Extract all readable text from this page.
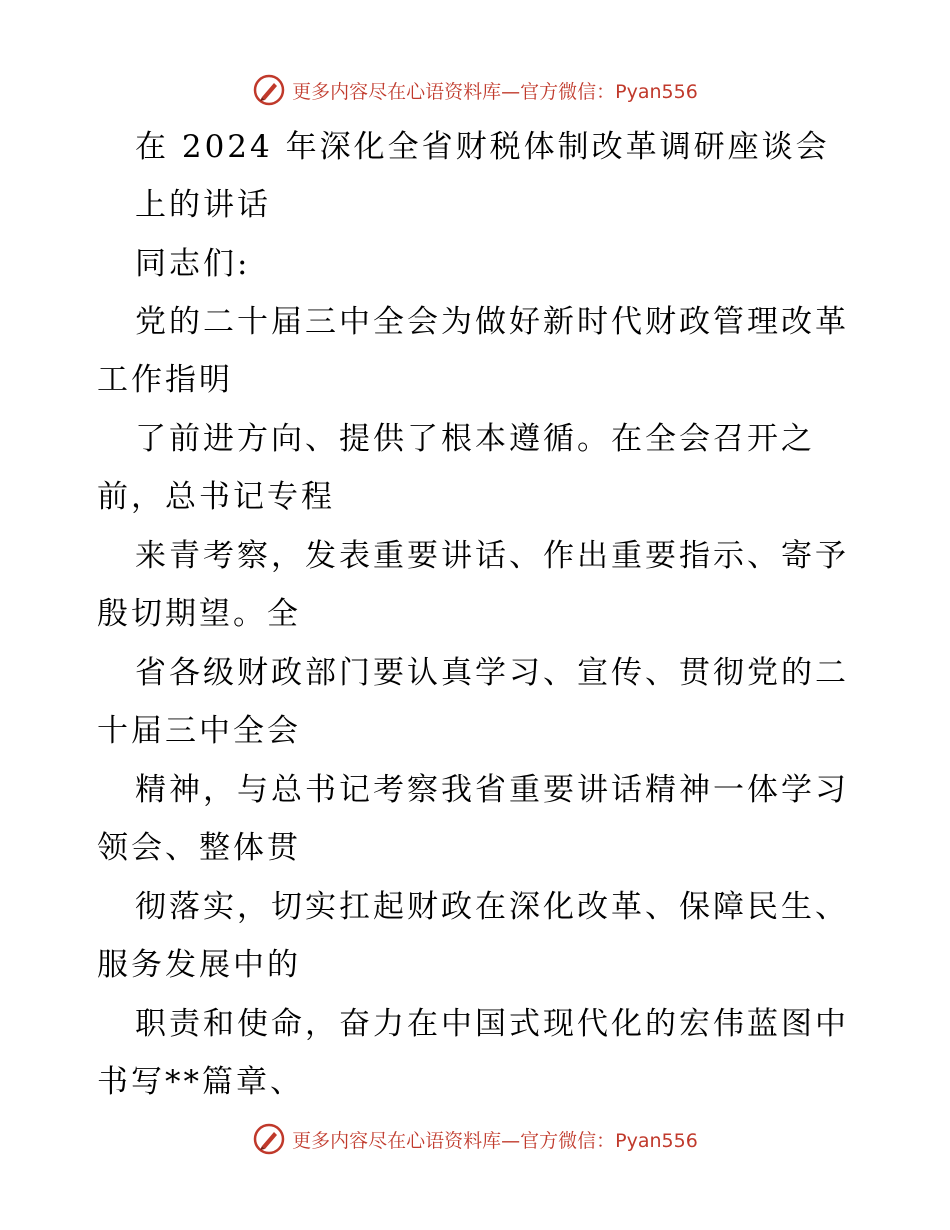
更多内容尽在心语资料库—官方微信：Pyan556
在 2024 年深化全省财税体制改革调研座谈会
上的讲话
同志们:
党的二十届三中全会为做好新时代财政管理改革
工作指明
了前进方向、提供了根本遵循。在全会召开之
前，总书记专程
来青考察，发表重要讲话、作出重要指示、寄予
殷切期望。全
省各级财政部门要认真学习、宣传、贯彻党的二
十届三中全会
精神，与总书记考察我省重要讲话精神一体学习
领会、整体贯
彻落实，切实扛起财政在深化改革、保障民生、
服务发展中的
职责和使命，奋力在中国式现代化的宏伟蓝图中
书写**篇章、
更多内容尽在心语资料库—官方微信：Pyan556
